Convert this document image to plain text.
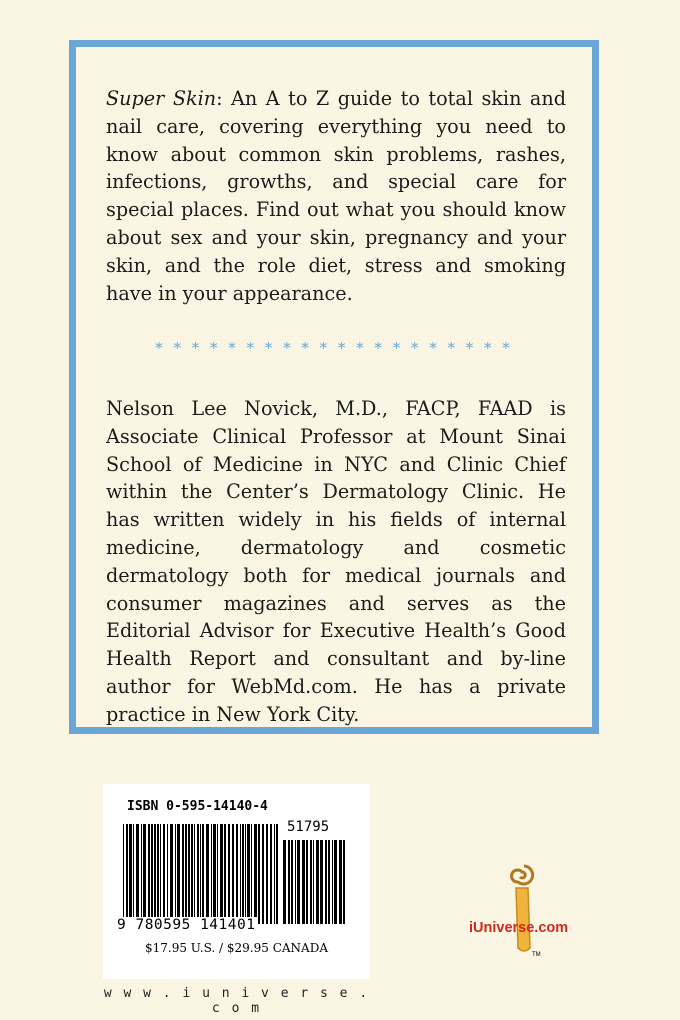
Super Skin: An A to Z guide to total skin and nail care, covering everything you need to know about common skin problems, rashes, infections, growths, and special care for special places. Find out what you should know about sex and your skin, pregnancy and your skin, and the role diet, stress and smoking have in your appearance.

* * * * * * * * * * * * * * * * * * * *

Nelson Lee Novick, M.D., FACP, FAAD is Associate Clinical Professor at Mount Sinai School of Medicine in NYC and Clinic Chief within the Center’s Dermatology Clinic. He has written widely in his fields of internal medicine, dermatology and cosmetic dermatology both for medical journals and consumer magazines and serves as the Editorial Advisor for Executive Health’s Good Health Report and consultant and by-line author for WebMd.com. He has a private practice in New York City.

ISBN 0-595-14140-4
51795
9 780595 141401
$17.95 U.S. / $29.95 CANADA
w w w . i u n i v e r s e . c o m
iUniverse.com
TM
